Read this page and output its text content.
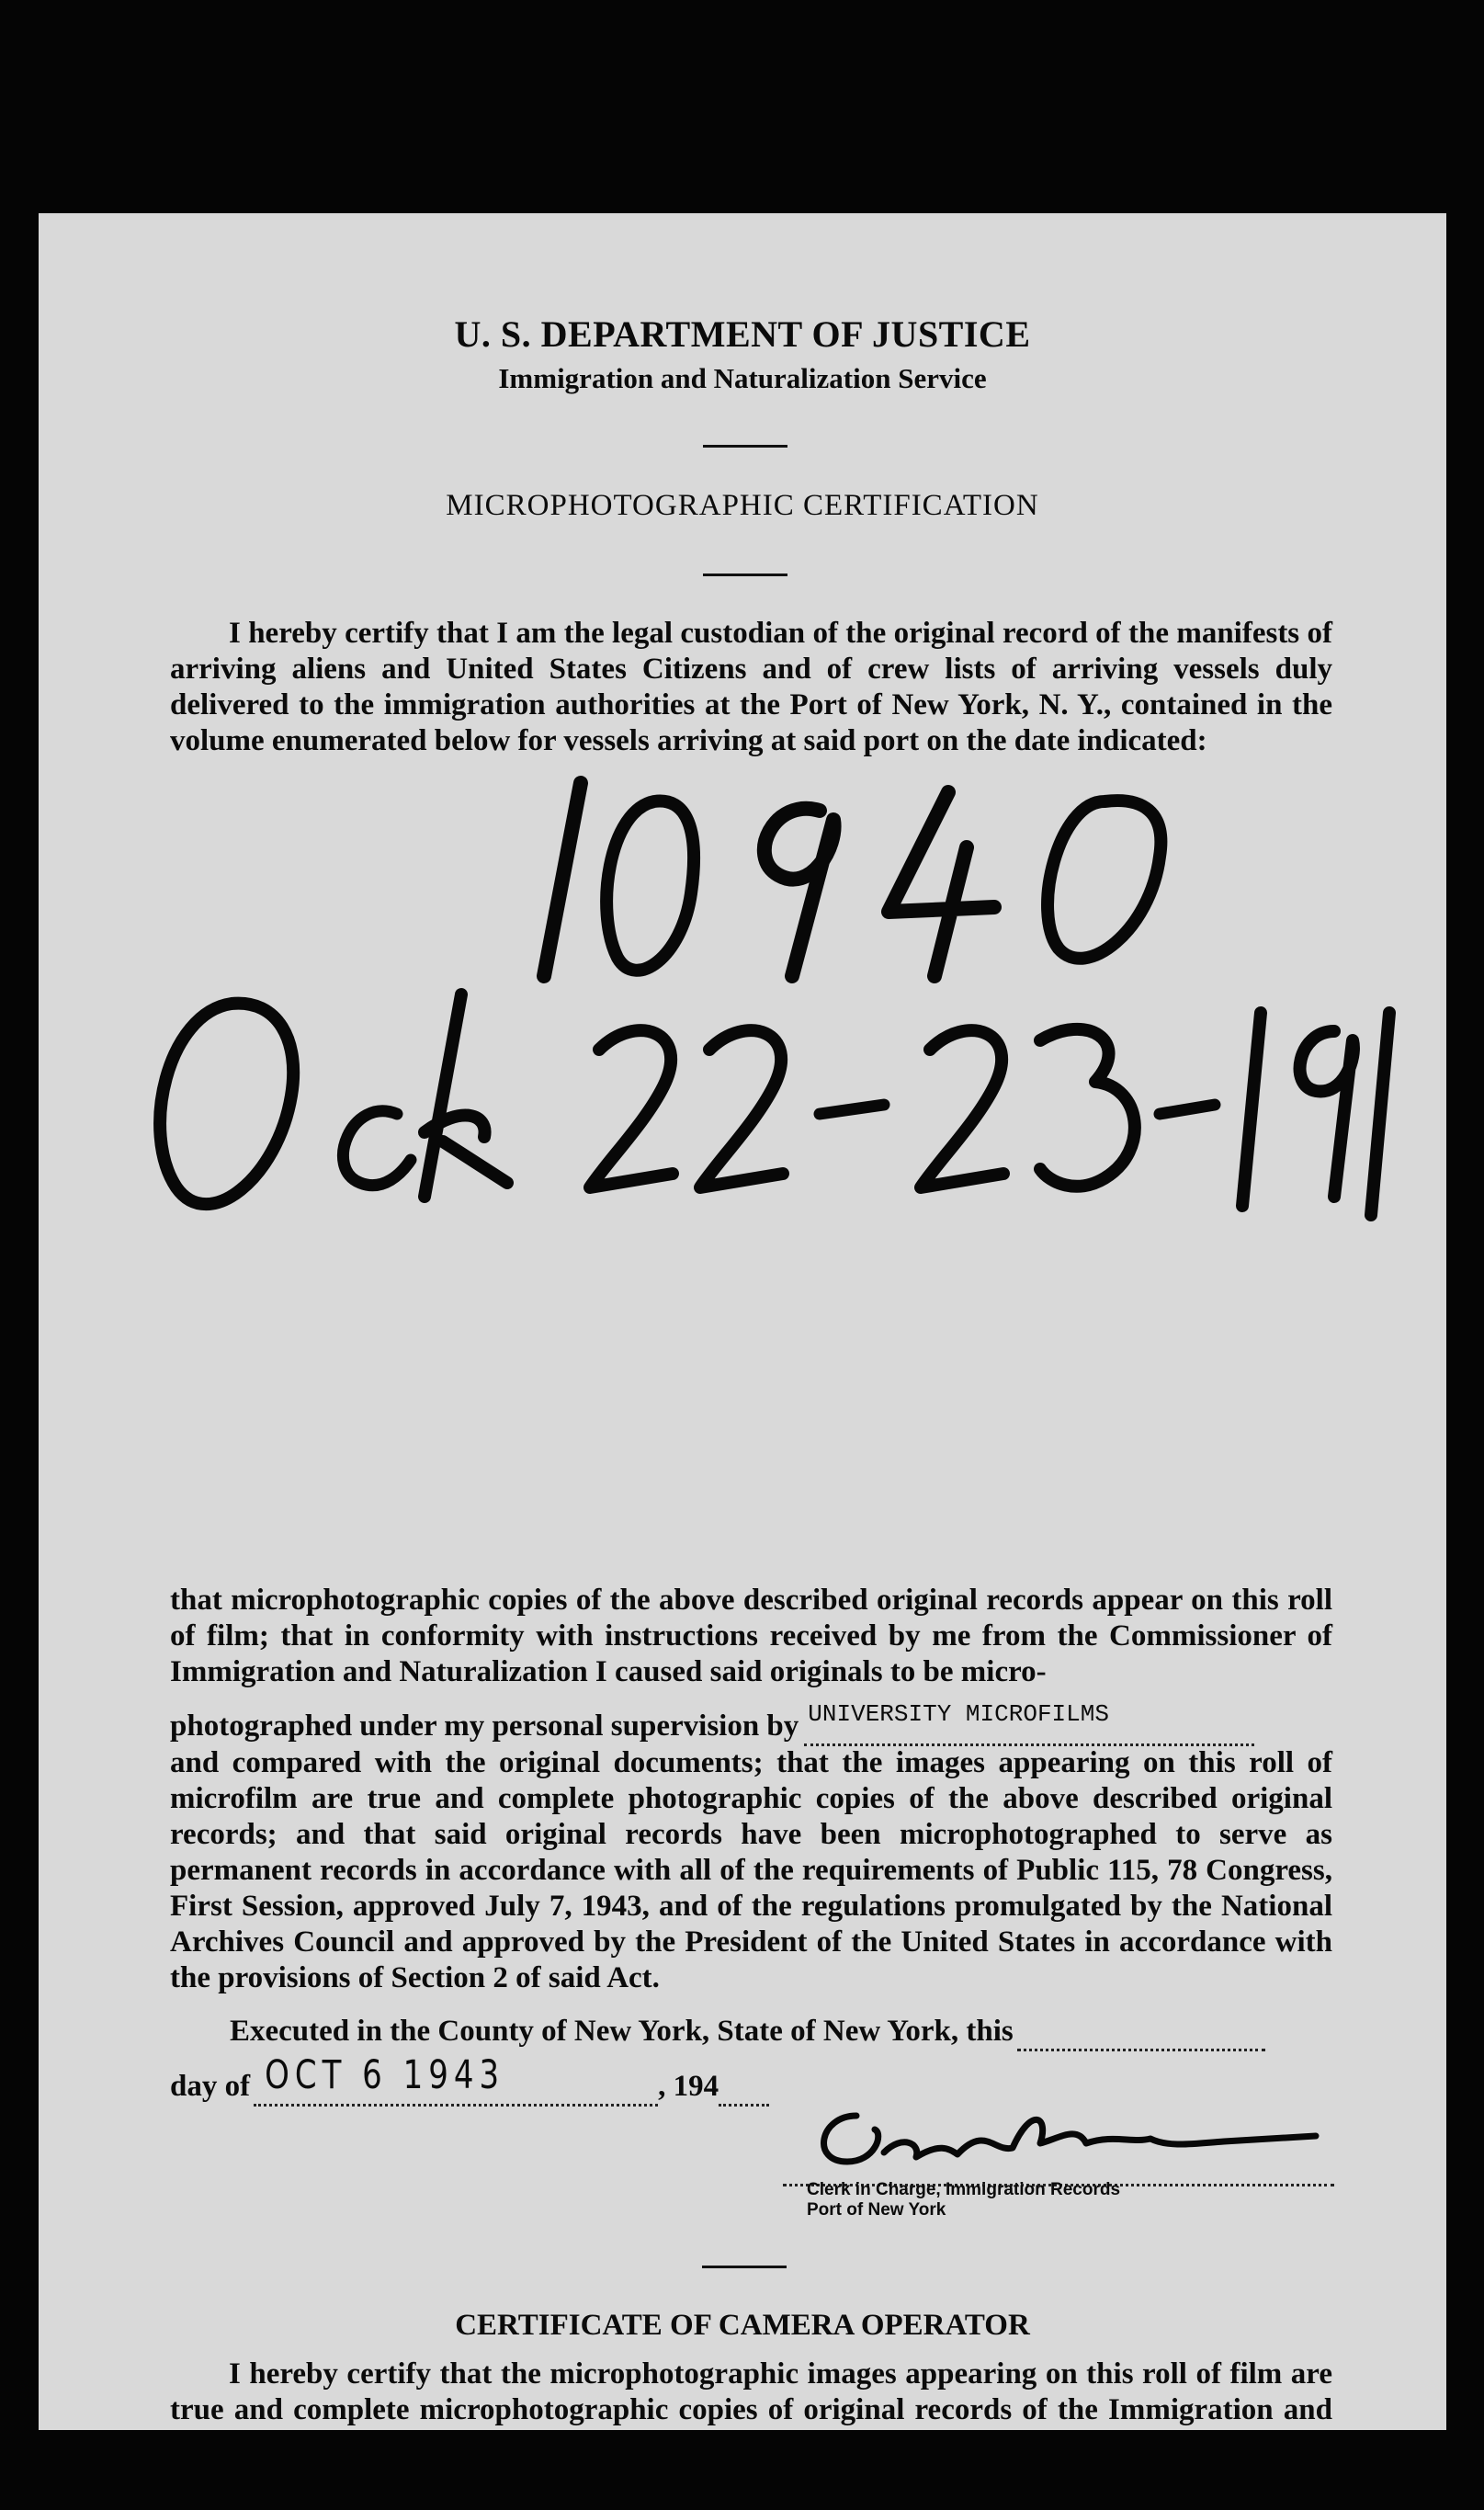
U. S. DEPARTMENT OF JUSTICE
Immigration and Naturalization Service
MICROPHOTOGRAPHIC CERTIFICATION
I hereby certify that I am the legal custodian of the original record of the manifests of arriving aliens and United States Citizens and of crew lists of arriving vessels duly delivered to the immigration authorities at the Port of New York, N. Y., contained in the volume enumerated below for vessels arriving at said port on the date indicated:
that microphotographic copies of the above described original records appear on this roll of film; that in conformity with instructions received by me from the Commissioner of Immigration and Naturalization I caused said originals to be micro-
photographed under my personal supervision by UNIVERSITY MICROFILMS

and compared with the original documents; that the images appearing on this roll of microfilm are true and complete photographic copies of the above described original records; and that said original records have been microphotographed to serve as permanent records in accordance with all of the requirements of Public 115, 78 Congress, First Session, approved July 7, 1943, and of the regulations promulgated by the National Archives Council and approved by the President of the United States in accordance with the provisions of Section 2 of said Act.
Executed in the County of New York, State of New York, this
day of OCT 6 1943	, 194

Clerk in Charge, Immigration Records
Port of New York
CERTIFICATE OF CAMERA OPERATOR
I hereby certify that the microphotographic images appearing on this roll of film are true and complete microphotographic copies of original records of the Immigration and
